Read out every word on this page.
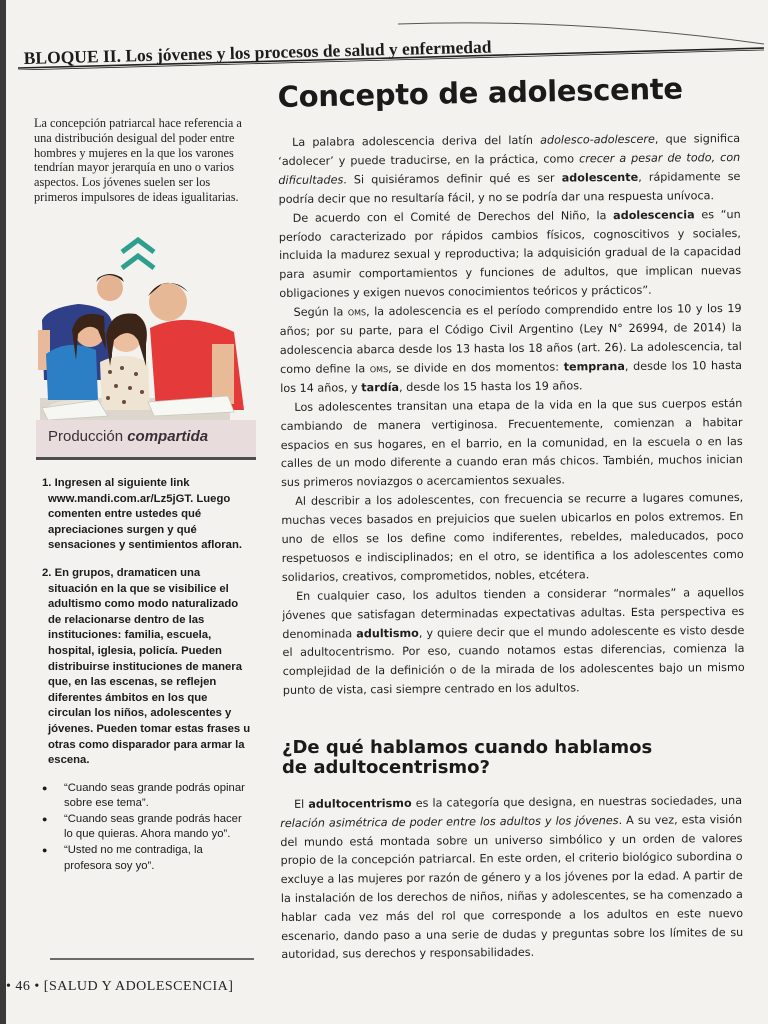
BLOQUE II. Los jóvenes y los procesos de salud y enfermedad
La concepción patriarcal hace referencia a una distribución desigual del poder entre hombres y mujeres en la que los varones tendrían mayor jerarquía en uno o varios aspectos. Los jóvenes suelen ser los primeros impulsores de ideas igualitarias.
Producción compartida
1. Ingresen al siguiente link www.mandi.com.ar/Lz5jGT. Luego comenten entre ustedes qué apreciaciones surgen y qué sensaciones y sentimientos afloran.
2. En grupos, dramaticen una situación en la que se visibilice el adultismo como modo naturalizado de relacionarse dentro de las instituciones: familia, escuela, hospital, iglesia, policía. Pueden distribuirse instituciones de manera que, en las escenas, se reflejen diferentes ámbitos en los que circulan los niños, adolescentes y jóvenes. Pueden tomar estas frases u otras como disparador para armar la escena.
● “Cuando seas grande podrás opinar sobre ese tema”.
● “Cuando seas grande podrás hacer lo que quieras. Ahora mando yo”.
● “Usted no me contradiga, la profesora soy yo”.
• 46 • [SALUD Y ADOLESCENCIA]
Concepto de adolescente

La palabra adolescencia deriva del latín adolesco-adolescere, que significa ‘adolecer’ y puede traducirse, en la práctica, como crecer a pesar de todo, con dificultades. Si quisiéramos definir qué es ser adolescente, rápidamente se podría decir que no resultaría fácil, y no se podría dar una respuesta unívoca.

De acuerdo con el Comité de Derechos del Niño, la adolescencia es “un período caracterizado por rápidos cambios físicos, cognoscitivos y sociales, incluida la madurez sexual y reproductiva; la adquisición gradual de la capacidad para asumir comportamientos y funciones de adultos, que implican nuevas obligaciones y exigen nuevos conocimientos teóricos y prácticos”.

Según la oms, la adolescencia es el período comprendido entre los 10 y los 19 años; por su parte, para el Código Civil Argentino (Ley N° 26994, de 2014) la adolescencia abarca desde los 13 hasta los 18 años (art. 26). La adolescencia, tal como define la oms, se divide en dos momentos: temprana, desde los 10 hasta los 14 años, y tardía, desde los 15 hasta los 19 años.

Los adolescentes transitan una etapa de la vida en la que sus cuerpos están cambiando de manera vertiginosa. Frecuentemente, comienzan a habitar espacios en sus hogares, en el barrio, en la comunidad, en la escuela o en las calles de un modo diferente a cuando eran más chicos. También, muchos inician sus primeros noviazgos o acercamientos sexuales.

Al describir a los adolescentes, con frecuencia se recurre a lugares comunes, muchas veces basados en prejuicios que suelen ubicarlos en polos extremos. En uno de ellos se los define como indiferentes, rebeldes, maleducados, poco respetuosos e indisciplinados; en el otro, se identifica a los adolescentes como solidarios, creativos, comprometidos, nobles, etcétera.

En cualquier caso, los adultos tienden a considerar “normales” a aquellos jóvenes que satisfagan determinadas expectativas adultas. Esta perspectiva es denominada adultismo, y quiere decir que el mundo adolescente es visto desde el adultocentrismo. Por eso, cuando notamos estas diferencias, comienza la complejidad de la definición o de la mirada de los adolescentes bajo un mismo punto de vista, casi siempre centrado en los adultos.

¿De qué hablamos cuando hablamos de adultocentrismo?

El adultocentrismo es la categoría que designa, en nuestras sociedades, una relación asimétrica de poder entre los adultos y los jóvenes. A su vez, esta visión del mundo está montada sobre un universo simbólico y un orden de valores propio de la concepción patriarcal. En este orden, el criterio biológico subordina o excluye a las mujeres por razón de género y a los jóvenes por la edad. A partir de la instalación de los derechos de niños, niñas y adolescentes, se ha comenzado a hablar cada vez más del rol que corresponde a los adultos en este nuevo escenario, dando paso a una serie de dudas y preguntas sobre los límites de su autoridad, sus derechos y responsabilidades.
